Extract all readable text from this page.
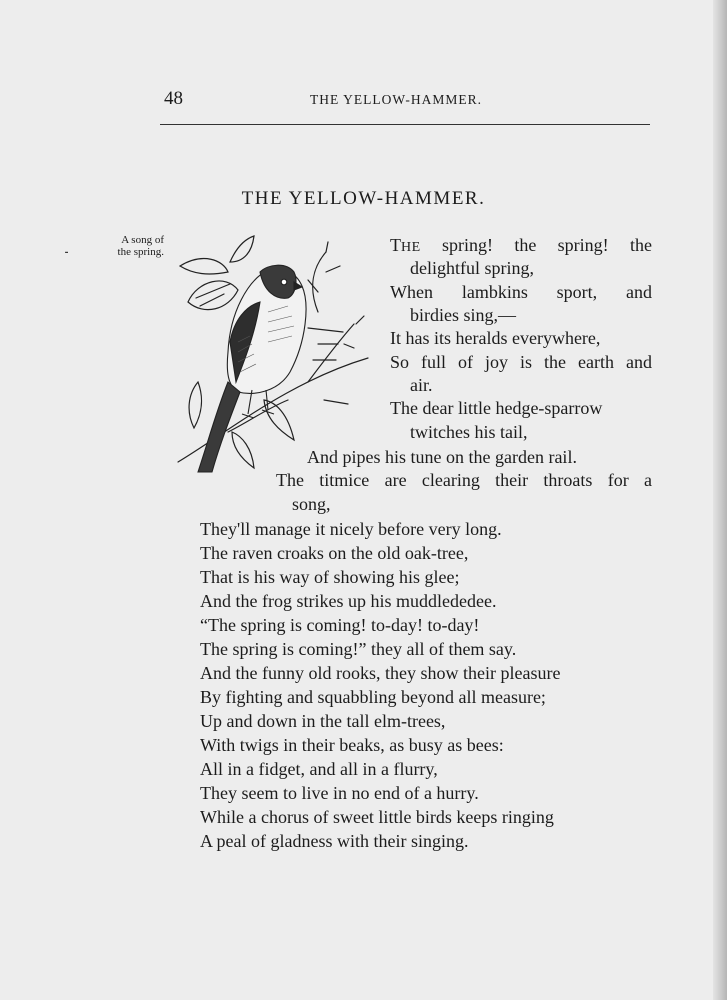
48	THE YELLOW-HAMMER.
THE YELLOW-HAMMER.
⁃
A song of
the spring.	THE spring! the spring! the
delightful spring,
When lambkins sport, and
birdies sing,—
It has its heralds everywhere,
So full of joy is the earth and
air.
The dear little hedge-sparrow
twitches his tail,
And pipes his tune on the garden rail.
The titmice are clearing their throats for a
song,
They'll manage it nicely before very long.
The raven croaks on the old oak-tree,
That is his way of showing his glee;
And the frog strikes up his muddlededee.
“The spring is coming! to-day! to-day!
The spring is coming!” they all of them say.
And the funny old rooks, they show their pleasure
By fighting and squabbling beyond all measure;
Up and down in the tall elm-trees,
With twigs in their beaks, as busy as bees:
All in a fidget, and all in a flurry,
They seem to live in no end of a hurry.
While a chorus of sweet little birds keeps ringing
A peal of gladness with their singing.
